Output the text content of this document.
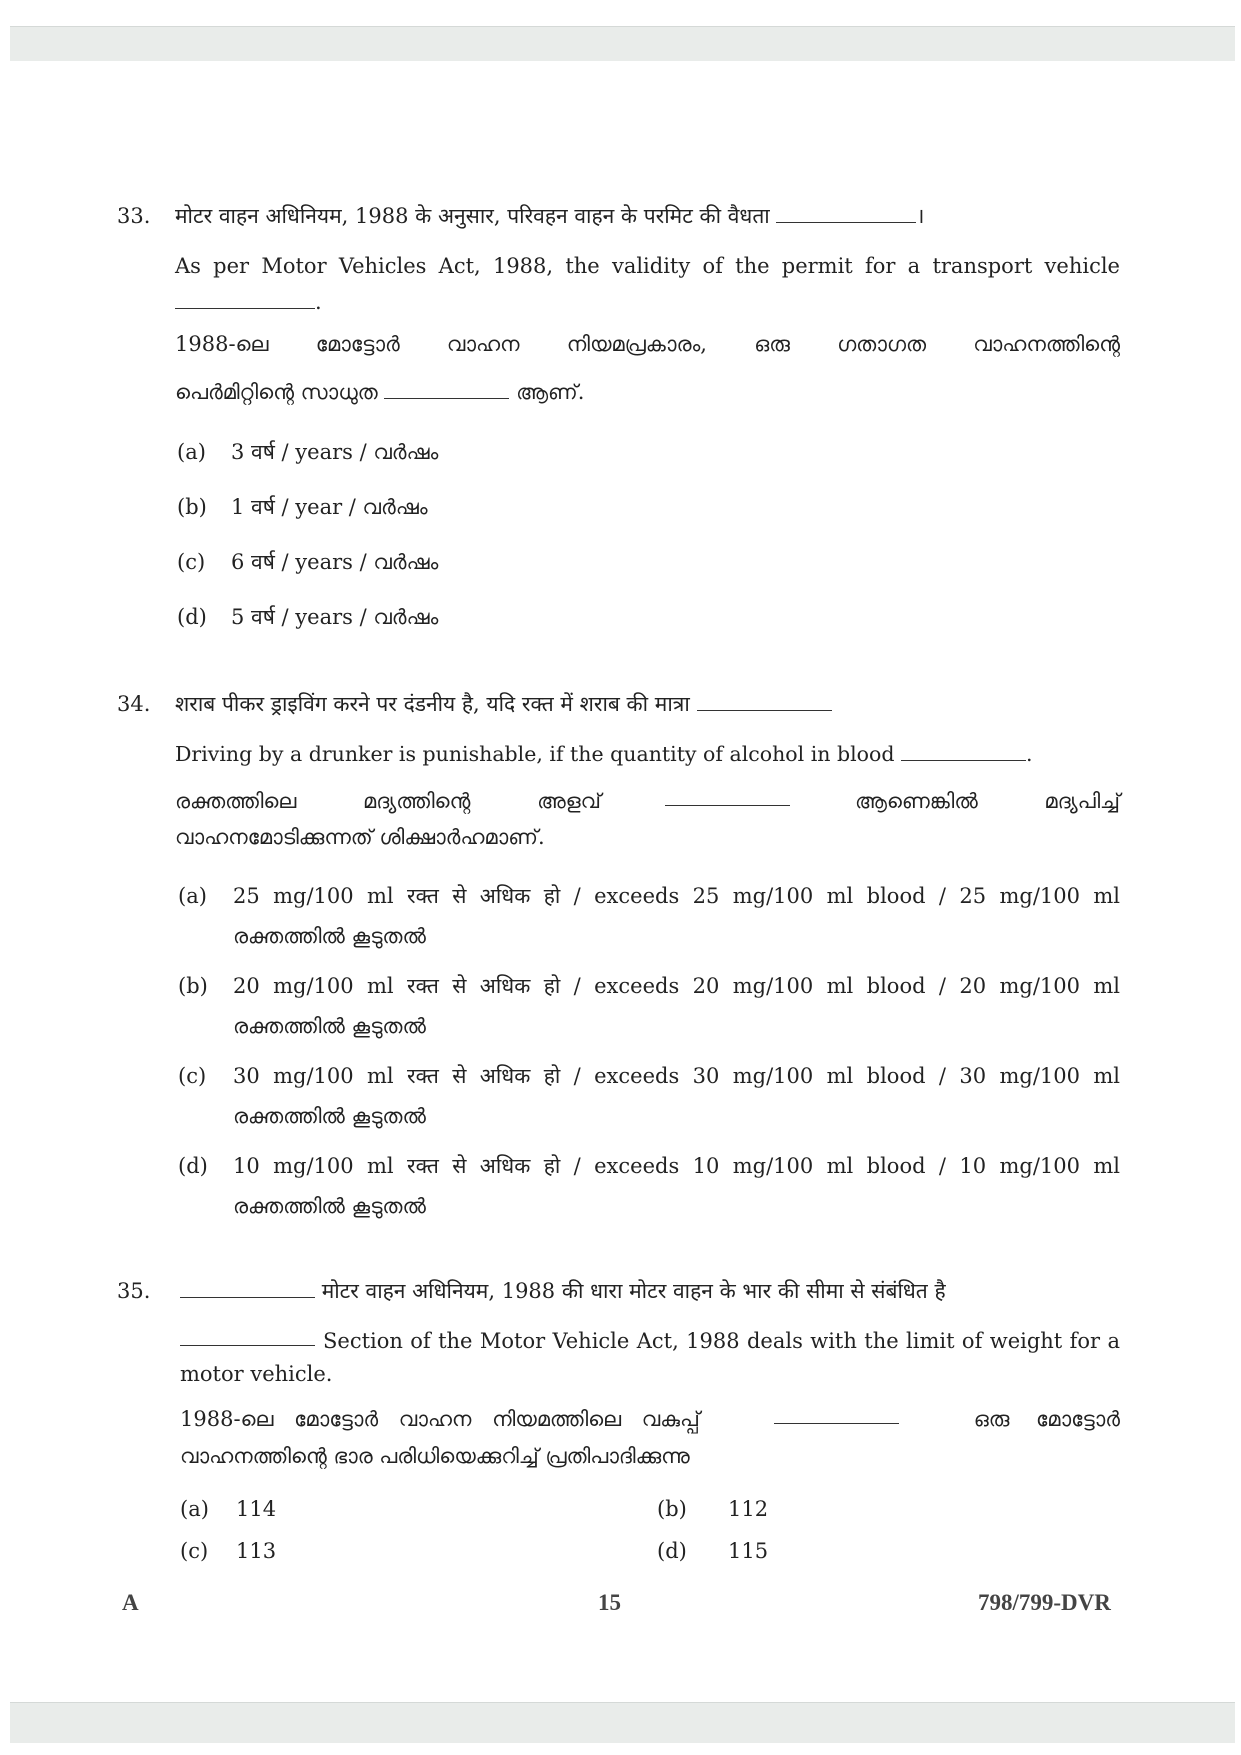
33. मोटर वाहन अधिनियम, 1988 के अनुसार, परिवहन वाहन के परमिट की वैधता	।
As per Motor Vehicles Act, 1988, the validity of the permit for a transport vehicle
.
1988-ലെ മോട്ടോർ വാഹന നിയമപ്രകാരം, ഒരു ഗതാഗത വാഹനത്തിന്റെ
പെർമിറ്റിന്റെ സാധുത	ആണ്.
(a) 3 वर्ष / years / വർഷം
(b) 1 वर्ष / year / വർഷം
(c) 6 वर्ष / years / വർഷം
(d) 5 वर्ष / years / വർഷം
34. शराब पीकर ड्राइविंग करने पर दंडनीय है, यदि रक्त में शराब की मात्रा
Driving by a drunker is punishable, if the quantity of alcohol in blood	.
രക്തത്തിലെ മദ്യത്തിന്റെ അളവ്	ആണെങ്കിൽ മദ്യപിച്ച്
വാഹനമോടിക്കുന്നത് ശിക്ഷാർഹമാണ്.
(a) 25 mg/100 ml रक्त से अधिक हो / exceeds 25 mg/100 ml blood / 25 mg/100 ml
രക്തത്തിൽ കൂടുതൽ
(b) 20 mg/100 ml रक्त से अधिक हो / exceeds 20 mg/100 ml blood / 20 mg/100 ml
രക്തത്തിൽ കൂടുതൽ
(c) 30 mg/100 ml रक्त से अधिक हो / exceeds 30 mg/100 ml blood / 30 mg/100 ml
രക്തത്തിൽ കൂടുതൽ
(d) 10 mg/100 ml रक्त से अधिक हो / exceeds 10 mg/100 ml blood / 10 mg/100 ml
രക്തത്തിൽ കൂടുതൽ
35.	मोटर वाहन अधिनियम, 1988 की धारा मोटर वाहन के भार की सीमा से संबंधित है
Section of the Motor Vehicle Act, 1988 deals with the limit of weight for a
motor vehicle.
1988-ലെ മോട്ടോർ വാഹന നിയമത്തിലെ വകുപ്പ്	ഒരു മോട്ടോർ
വാഹനത്തിന്റെ ഭാര പരിധിയെക്കുറിച്ച് പ്രതിപാദിക്കുന്നു
(a) 114	(b) 112
(c) 113	(d) 115
A	15	798/799-DVR
